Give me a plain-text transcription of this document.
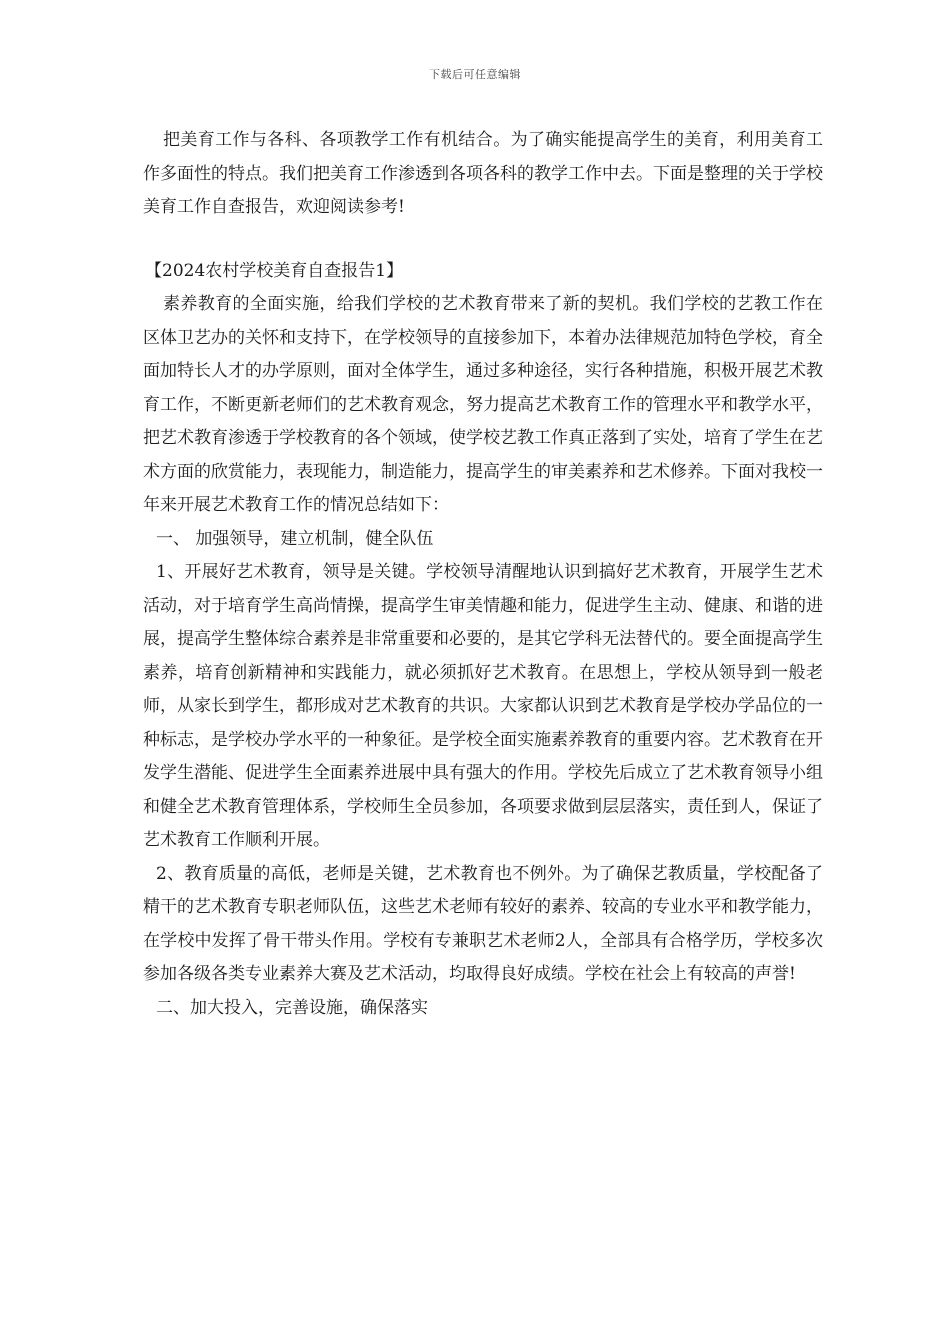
下载后可任意编辑

把美育工作与各科、各项教学工作有机结合。为了确实能提高学生的美育，利用美育工作多面性的特点。我们把美育工作渗透到各项各科的教学工作中去。下面是整理的关于学校美育工作自查报告，欢迎阅读参考!

【2024农村学校美育自查报告1】

素养教育的全面实施，给我们学校的艺术教育带来了新的契机。我们学校的艺教工作在区体卫艺办的关怀和支持下，在学校领导的直接参加下，本着办法律规范加特色学校，育全面加特长人才的办学原则，面对全体学生，通过多种途径，实行各种措施，积极开展艺术教育工作，不断更新老师们的艺术教育观念，努力提高艺术教育工作的管理水平和教学水平，把艺术教育渗透于学校教育的各个领域，使学校艺教工作真正落到了实处，培育了学生在艺术方面的欣赏能力，表现能力，制造能力，提高学生的审美素养和艺术修养。下面对我校一年来开展艺术教育工作的情况总结如下：

一、 加强领导，建立机制，健全队伍

1、开展好艺术教育，领导是关键。学校领导清醒地认识到搞好艺术教育，开展学生艺术活动，对于培育学生高尚情操，提高学生审美情趣和能力，促进学生主动、健康、和谐的进展，提高学生整体综合素养是非常重要和必要的，是其它学科无法替代的。要全面提高学生素养，培育创新精神和实践能力，就必须抓好艺术教育。在思想上，学校从领导到一般老师，从家长到学生，都形成对艺术教育的共识。大家都认识到艺术教育是学校办学品位的一种标志，是学校办学水平的一种象征。是学校全面实施素养教育的重要内容。艺术教育在开发学生潜能、促进学生全面素养进展中具有强大的作用。学校先后成立了艺术教育领导小组和健全艺术教育管理体系，学校师生全员参加，各项要求做到层层落实，责任到人，保证了艺术教育工作顺利开展。

2、教育质量的高低，老师是关键，艺术教育也不例外。为了确保艺教质量，学校配备了精干的艺术教育专职老师队伍，这些艺术老师有较好的素养、较高的专业水平和教学能力，在学校中发挥了骨干带头作用。学校有专兼职艺术老师2人，全部具有合格学历，学校多次参加各级各类专业素养大赛及艺术活动，均取得良好成绩。学校在社会上有较高的声誉!

二、加大投入，完善设施，确保落实
